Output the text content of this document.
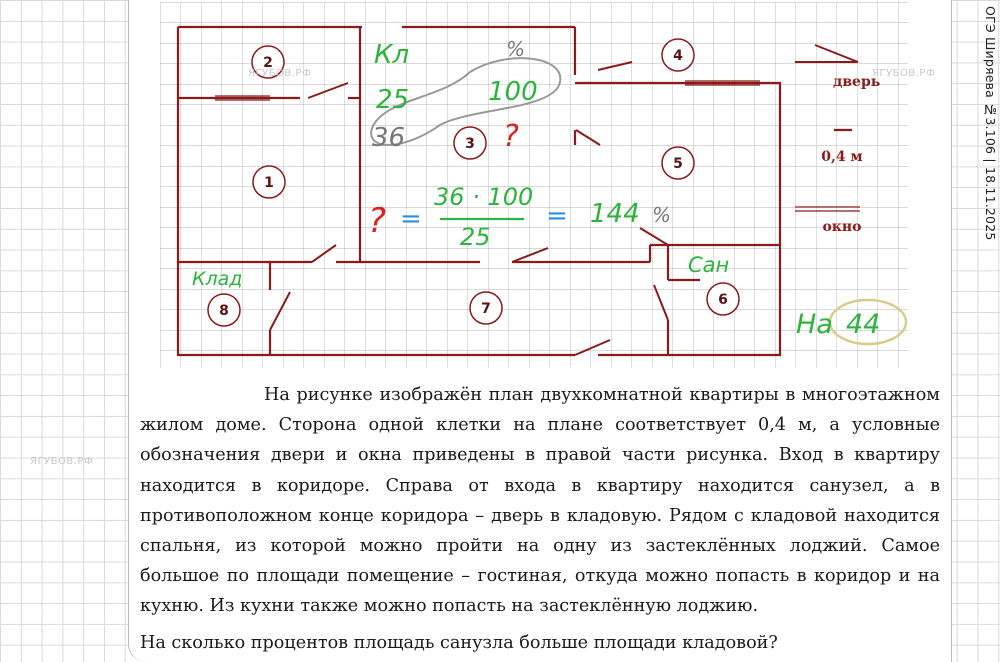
дверь
0,4 м
окно
2
1
3
4
5
6
7
8
Кл
25
36
%
100
?
? =
36 · 100
25
= 144 %
Клад
Сан
На 44
ОГЭ Ширяева №3.106 | 18.11.2025
ЯГУБОВ.РФ	ЯГУБОВ.РФ
ЯГУБОВ.РФ

На рисунке изображён план двухкомнатной квартиры в многоэтажном жилом доме. Сторона одной клетки на плане соответствует 0,4 м, а условные обозначения двери и окна приведены в правой части рисунка. Вход в квартиру находится в коридоре. Справа от входа в квартиру находится санузел, а в противоположном конце коридора – дверь в кладовую. Рядом с кладовой находится спальня, из которой можно пройти на одну из застеклённых лоджий. Самое большое по площади помещение – гостиная, откуда можно попасть в коридор и на кухню. Из кухни также можно попасть на застеклённую лоджию.

На сколько процентов площадь санузла больше площади кладовой?
